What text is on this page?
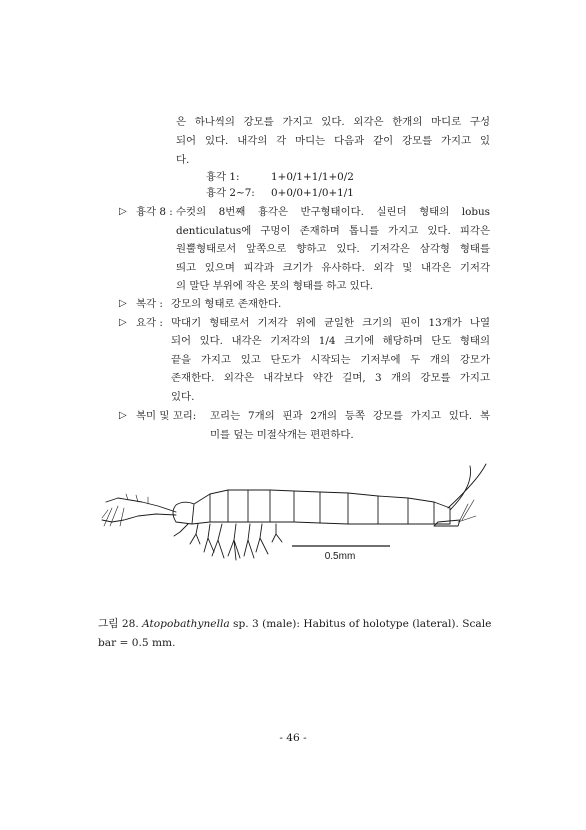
은 하나씩의 강모를 가지고 있다. 외각은 한개의 마디로 구성
되어 있다. 내각의 각 마디는 다음과 같이 강모를 가지고 있
다.
흉각 1:	1+0/1+1/1+0/2
흉각 2∼7: 0+0/0+1/0+1/1
▷ 흉각 8 : 수컷의 8번째 흉각은 반구형태이다. 실린더 형태의 lobus
denticulatus에 구멍이 존재하며 톱니를 가지고 있다. 피각은
원뿔형태로서 앞쪽으로 향하고 있다. 기저각은 삼각형 형태를
띄고 있으며 피각과 크기가 유사하다. 외각 및 내각은 기저각
의 말단 부위에 작은 못의 형태를 하고 있다.
▷ 복각 : 강모의 형태로 존재한다.
▷ 요각 : 막대기 형태로서 기저각 위에 균일한 크기의 핀이 13개가 나열
되어 있다. 내각은 기저각의 1/4 크기에 해당하며 단도 형태의
끝을 가지고 있고 단도가 시작되는 기저부에 두 개의 강모가
존재한다. 외각은 내각보다 약간 길며, 3 개의 강모를 가지고
있다.
▷ 복미 및 꼬리: 꼬리는 7개의 핀과 2개의 등쪽 강모를 가지고 있다. 복
미를 덮는 미절삭개는 편편하다.
0.5mm
그림 28. Atopobathynella sp. 3 (male): Habitus of holotype (lateral). Scale
bar = 0.5 mm.
- 46 -
